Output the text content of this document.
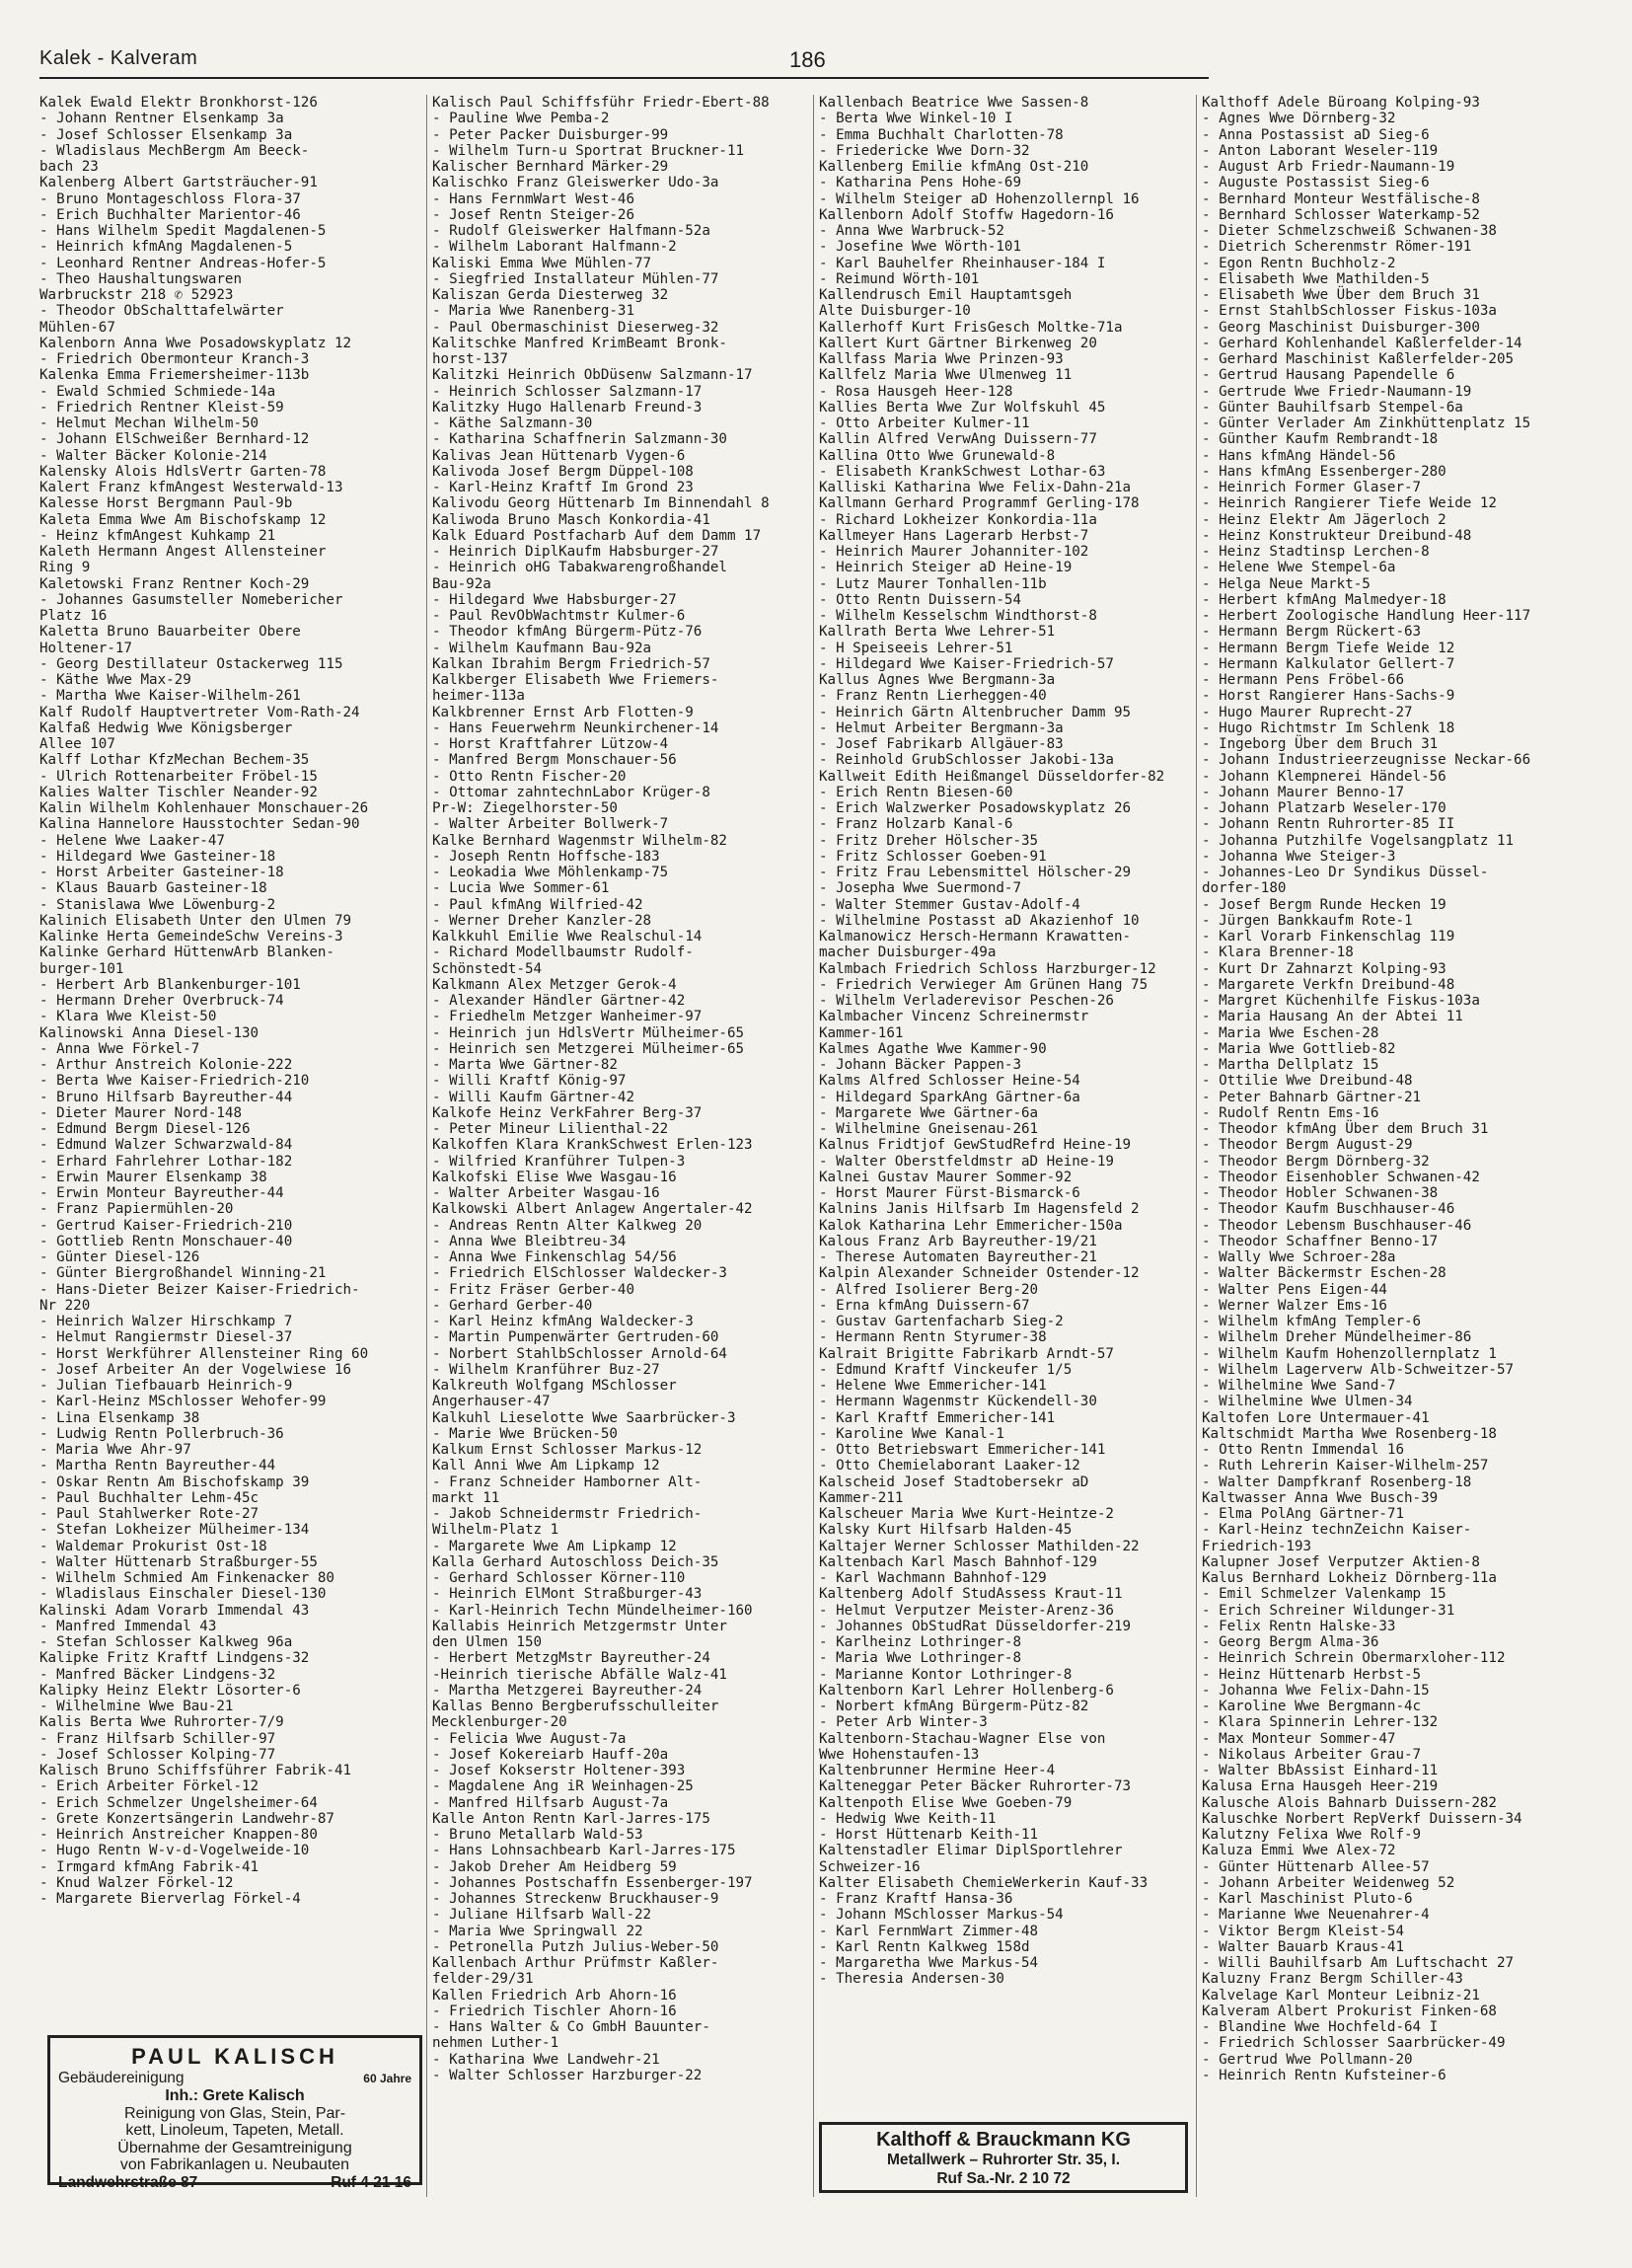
Kalek - Kalveram	186
Kalek Ewald Elektr Bronkhorst-126
- Johann Rentner Elsenkamp 3a
- Josef Schlosser Elsenkamp 3a
- Wladislaus MechBergm Am Beeck-
bach 23
Kalenberg Albert Gartsträucher-91
- Bruno Montageschloss Flora-37
- Erich Buchhalter Marientor-46
- Hans Wilhelm Spedit Magdalenen-5
- Heinrich kfmAng Magdalenen-5
- Leonhard Rentner Andreas-Hofer-5
- Theo Haushaltungswaren
Warbruckstr 218 ✆ 52923
- Theodor ObSchalttafelwärter
Mühlen-67
Kalenborn Anna Wwe Posadowskyplatz 12
- Friedrich Obermonteur Kranch-3
Kalenka Emma Friemersheimer-113b
- Ewald Schmied Schmiede-14a
- Friedrich Rentner Kleist-59
- Helmut Mechan Wilhelm-50
- Johann ElSchweißer Bernhard-12
- Walter Bäcker Kolonie-214
Kalensky Alois HdlsVertr Garten-78
Kalert Franz kfmAngest Westerwald-13
Kalesse Horst Bergmann Paul-9b
Kaleta Emma Wwe Am Bischofskamp 12
- Heinz kfmAngest Kuhkamp 21
Kaleth Hermann Angest Allensteiner
Ring 9
Kaletowski Franz Rentner Koch-29
- Johannes Gasumsteller Nomebericher
Platz 16
Kaletta Bruno Bauarbeiter Obere
Holtener-17
- Georg Destillateur Ostackerweg 115
- Käthe Wwe Max-29
- Martha Wwe Kaiser-Wilhelm-261
Kalf Rudolf Hauptvertreter Vom-Rath-24
Kalfaß Hedwig Wwe Königsberger
Allee 107
Kalff Lothar KfzMechan Bechem-35
- Ulrich Rottenarbeiter Fröbel-15
Kalies Walter Tischler Neander-92
Kalin Wilhelm Kohlenhauer Monschauer-26
Kalina Hannelore Hausstochter Sedan-90
- Helene Wwe Laaker-47
- Hildegard Wwe Gasteiner-18
- Horst Arbeiter Gasteiner-18
- Klaus Bauarb Gasteiner-18
- Stanislawa Wwe Löwenburg-2
Kalinich Elisabeth Unter den Ulmen 79
Kalinke Herta GemeindeSchw Vereins-3
Kalinke Gerhard HüttenwArb Blanken-
burger-101
- Herbert Arb Blankenburger-101
- Hermann Dreher Overbruck-74
- Klara Wwe Kleist-50
Kalinowski Anna Diesel-130
- Anna Wwe Förkel-7
- Arthur Anstreich Kolonie-222
- Berta Wwe Kaiser-Friedrich-210
- Bruno Hilfsarb Bayreuther-44
- Dieter Maurer Nord-148
- Edmund Bergm Diesel-126
- Edmund Walzer Schwarzwald-84
- Erhard Fahrlehrer Lothar-182
- Erwin Maurer Elsenkamp 38
- Erwin Monteur Bayreuther-44
- Franz Papiermühlen-20
- Gertrud Kaiser-Friedrich-210
- Gottlieb Rentn Monschauer-40
- Günter Diesel-126
- Günter Biergroßhandel Winning-21
- Hans-Dieter Beizer Kaiser-Friedrich-
Nr 220
- Heinrich Walzer Hirschkamp 7
- Helmut Rangiermstr Diesel-37
- Horst Werkführer Allensteiner Ring 60
- Josef Arbeiter An der Vogelwiese 16
- Julian Tiefbauarb Heinrich-9
- Karl-Heinz MSchlosser Wehofer-99
- Lina Elsenkamp 38
- Ludwig Rentn Pollerbruch-36
- Maria Wwe Ahr-97
- Martha Rentn Bayreuther-44
- Oskar Rentn Am Bischofskamp 39
- Paul Buchhalter Lehm-45c
- Paul Stahlwerker Rote-27
- Stefan Lokheizer Mülheimer-134
- Waldemar Prokurist Ost-18
- Walter Hüttenarb Straßburger-55
- Wilhelm Schmied Am Finkenacker 80
- Wladislaus Einschaler Diesel-130
Kalinski Adam Vorarb Immendal 43
- Manfred Immendal 43
- Stefan Schlosser Kalkweg 96a
Kalipke Fritz Kraftf Lindgens-32
- Manfred Bäcker Lindgens-32
Kalipky Heinz Elektr Lösorter-6
- Wilhelmine Wwe Bau-21
Kalis Berta Wwe Ruhrorter-7/9
- Franz Hilfsarb Schiller-97
- Josef Schlosser Kolping-77
Kalisch Bruno Schiffsführer Fabrik-41
- Erich Arbeiter Förkel-12
- Erich Schmelzer Ungelsheimer-64
- Grete Konzertsängerin Landwehr-87
- Heinrich Anstreicher Knappen-80
- Hugo Rentn W-v-d-Vogelweide-10
- Irmgard kfmAng Fabrik-41
- Knud Walzer Förkel-12
- Margarete Bierverlag Förkel-4
Kalisch Paul Schiffsführ Friedr-Ebert-88
- Pauline Wwe Pemba-2
- Peter Packer Duisburger-99
- Wilhelm Turn-u Sportrat Bruckner-11
Kalischer Bernhard Märker-29
Kalischko Franz Gleiswerker Udo-3a
- Hans FernmWart West-46
- Josef Rentn Steiger-26
- Rudolf Gleiswerker Halfmann-52a
- Wilhelm Laborant Halfmann-2
Kaliski Emma Wwe Mühlen-77
- Siegfried Installateur Mühlen-77
Kaliszan Gerda Diesterweg 32
- Maria Wwe Ranenberg-31
- Paul Obermaschinist Dieserweg-32
Kalitschke Manfred KrimBeamt Bronk-
horst-137
Kalitzki Heinrich ObDüsenw Salzmann-17
- Heinrich Schlosser Salzmann-17
Kalitzky Hugo Hallenarb Freund-3
- Käthe Salzmann-30
- Katharina Schaffnerin Salzmann-30
Kalivas Jean Hüttenarb Vygen-6
Kalivoda Josef Bergm Düppel-108
- Karl-Heinz Kraftf Im Grond 23
Kalivodu Georg Hüttenarb Im Binnendahl 8
Kaliwoda Bruno Masch Konkordia-41
Kalk Eduard Postfacharb Auf dem Damm 17
- Heinrich DiplKaufm Habsburger-27
- Heinrich oHG Tabakwarengroßhandel
Bau-92a
- Hildegard Wwe Habsburger-27
- Paul RevObWachtmstr Kulmer-6
- Theodor kfmAng Bürgerm-Pütz-76
- Wilhelm Kaufmann Bau-92a
Kalkan Ibrahim Bergm Friedrich-57
Kalkberger Elisabeth Wwe Friemers-
heimer-113a
Kalkbrenner Ernst Arb Flotten-9
- Hans Feuerwehrm Neunkirchener-14
- Horst Kraftfahrer Lützow-4
- Manfred Bergm Monschauer-56
- Otto Rentn Fischer-20
- Ottomar zahntechnLabor Krüger-8
Pr-W: Ziegelhorster-50
- Walter Arbeiter Bollwerk-7
Kalke Bernhard Wagenmstr Wilhelm-82
- Joseph Rentn Hoffsche-183
- Leokadia Wwe Möhlenkamp-75
- Lucia Wwe Sommer-61
- Paul kfmAng Wilfried-42
- Werner Dreher Kanzler-28
Kalkkuhl Emilie Wwe Realschul-14
- Richard Modellbaumstr Rudolf-
Schönstedt-54
Kalkmann Alex Metzger Gerok-4
- Alexander Händler Gärtner-42
- Friedhelm Metzger Wanheimer-97
- Heinrich jun HdlsVertr Mülheimer-65
- Heinrich sen Metzgerei Mülheimer-65
- Marta Wwe Gärtner-82
- Willi Kraftf König-97
- Willi Kaufm Gärtner-42
Kalkofe Heinz VerkFahrer Berg-37
- Peter Mineur Lilienthal-22
Kalkoffen Klara KrankSchwest Erlen-123
- Wilfried Kranführer Tulpen-3
Kalkofski Elise Wwe Wasgau-16
- Walter Arbeiter Wasgau-16
Kalkowski Albert Anlagew Angertaler-42
- Andreas Rentn Alter Kalkweg 20
- Anna Wwe Bleibtreu-34
- Anna Wwe Finkenschlag 54/56
- Friedrich ElSchlosser Waldecker-3
- Fritz Fräser Gerber-40
- Gerhard Gerber-40
- Karl Heinz kfmAng Waldecker-3
- Martin Pumpenwärter Gertruden-60
- Norbert StahlbSchlosser Arnold-64
- Wilhelm Kranführer Buz-27
Kalkreuth Wolfgang MSchlosser
Angerhauser-47
Kalkuhl Lieselotte Wwe Saarbrücker-3
- Marie Wwe Brücken-50
Kalkum Ernst Schlosser Markus-12
Kall Anni Wwe Am Lipkamp 12
- Franz Schneider Hamborner Alt-
markt 11
- Jakob Schneidermstr Friedrich-
Wilhelm-Platz 1
- Margarete Wwe Am Lipkamp 12
Kalla Gerhard Autoschloss Deich-35
- Gerhard Schlosser Körner-110
- Heinrich ElMont Straßburger-43
- Karl-Heinrich Techn Mündelheimer-160
Kallabis Heinrich Metzgermstr Unter
den Ulmen 150
- Herbert MetzgMstr Bayreuther-24
-Heinrich tierische Abfälle Walz-41
- Martha Metzgerei Bayreuther-24
Kallas Benno Bergberufsschulleiter
Mecklenburger-20
- Felicia Wwe August-7a
- Josef Kokereiarb Hauff-20a
- Josef Kokserstr Holtener-393
- Magdalene Ang iR Weinhagen-25
- Manfred Hilfsarb August-7a
Kalle Anton Rentn Karl-Jarres-175
- Bruno Metallarb Wald-53
- Hans Lohnsachbearb Karl-Jarres-175
- Jakob Dreher Am Heidberg 59
- Johannes Postschaffn Essenberger-197
- Johannes Streckenw Bruckhauser-9
- Juliane Hilfsarb Wall-22
- Maria Wwe Springwall 22
- Petronella Putzh Julius-Weber-50
Kallenbach Arthur Prüfmstr Kaßler-
felder-29/31
Kallen Friedrich Arb Ahorn-16
- Friedrich Tischler Ahorn-16
- Hans Walter & Co GmbH Bauunter-
nehmen Luther-1
- Katharina Wwe Landwehr-21
- Walter Schlosser Harzburger-22
Kallenbach Beatrice Wwe Sassen-8
- Berta Wwe Winkel-10 I
- Emma Buchhalt Charlotten-78
- Friedericke Wwe Dorn-32
Kallenberg Emilie kfmAng Ost-210
- Katharina Pens Hohe-69
- Wilhelm Steiger aD Hohenzollernpl 16
Kallenborn Adolf Stoffw Hagedorn-16
- Anna Wwe Warbruck-52
- Josefine Wwe Wörth-101
- Karl Bauhelfer Rheinhauser-184 I
- Reimund Wörth-101
Kallendrusch Emil Hauptamtsgeh
Alte Duisburger-10
Kallerhoff Kurt FrisGesch Moltke-71a
Kallert Kurt Gärtner Birkenweg 20
Kallfass Maria Wwe Prinzen-93
Kallfelz Maria Wwe Ulmenweg 11
- Rosa Hausgeh Heer-128
Kallies Berta Wwe Zur Wolfskuhl 45
- Otto Arbeiter Kulmer-11
Kallin Alfred VerwAng Duissern-77
Kallina Otto Wwe Grunewald-8
- Elisabeth KrankSchwest Lothar-63
Kalliski Katharina Wwe Felix-Dahn-21a
Kallmann Gerhard Programmf Gerling-178
- Richard Lokheizer Konkordia-11a
Kallmeyer Hans Lagerarb Herbst-7
- Heinrich Maurer Johanniter-102
- Heinrich Steiger aD Heine-19
- Lutz Maurer Tonhallen-11b
- Otto Rentn Duissern-54
- Wilhelm Kesselschm Windthorst-8
Kallrath Berta Wwe Lehrer-51
- H Speiseeis Lehrer-51
- Hildegard Wwe Kaiser-Friedrich-57
Kallus Agnes Wwe Bergmann-3a
- Franz Rentn Lierheggen-40
- Heinrich Gärtn Altenbrucher Damm 95
- Helmut Arbeiter Bergmann-3a
- Josef Fabrikarb Allgäuer-83
- Reinhold GrubSchlosser Jakobi-13a
Kallweit Edith Heißmangel Düsseldorfer-82
- Erich Rentn Biesen-60
- Erich Walzwerker Posadowskyplatz 26
- Franz Holzarb Kanal-6
- Fritz Dreher Hölscher-35
- Fritz Schlosser Goeben-91
- Fritz Frau Lebensmittel Hölscher-29
- Josepha Wwe Suermond-7
- Walter Stemmer Gustav-Adolf-4
- Wilhelmine Postasst aD Akazienhof 10
Kalmanowicz Hersch-Hermann Krawatten-
macher Duisburger-49a
Kalmbach Friedrich Schloss Harzburger-12
- Friedrich Verwieger Am Grünen Hang 75
- Wilhelm Verladerevisor Peschen-26
Kalmbacher Vincenz Schreinermstr
Kammer-161
Kalmes Agathe Wwe Kammer-90
- Johann Bäcker Pappen-3
Kalms Alfred Schlosser Heine-54
- Hildegard SparkAng Gärtner-6a
- Margarete Wwe Gärtner-6a
- Wilhelmine Gneisenau-261
Kalnus Fridtjof GewStudRefrd Heine-19
- Walter Oberstfeldmstr aD Heine-19
Kalnei Gustav Maurer Sommer-92
- Horst Maurer Fürst-Bismarck-6
Kalnins Janis Hilfsarb Im Hagensfeld 2
Kalok Katharina Lehr Emmericher-150a
Kalous Franz Arb Bayreuther-19/21
- Therese Automaten Bayreuther-21
Kalpin Alexander Schneider Ostender-12
- Alfred Isolierer Berg-20
- Erna kfmAng Duissern-67
- Gustav Gartenfacharb Sieg-2
- Hermann Rentn Styrumer-38
Kalrait Brigitte Fabrikarb Arndt-57
- Edmund Kraftf Vinckeufer 1/5
- Helene Wwe Emmericher-141
- Hermann Wagenmstr Kückendell-30
- Karl Kraftf Emmericher-141
- Karoline Wwe Kanal-1
- Otto Betriebswart Emmericher-141
- Otto Chemielaborant Laaker-12
Kalscheid Josef Stadtobersekr aD
Kammer-211
Kalscheuer Maria Wwe Kurt-Heintze-2
Kalsky Kurt Hilfsarb Halden-45
Kaltajer Werner Schlosser Mathilden-22
Kaltenbach Karl Masch Bahnhof-129
- Karl Wachmann Bahnhof-129
Kaltenberg Adolf StudAssess Kraut-11
- Helmut Verputzer Meister-Arenz-36
- Johannes ObStudRat Düsseldorfer-219
- Karlheinz Lothringer-8
- Maria Wwe Lothringer-8
- Marianne Kontor Lothringer-8
Kaltenborn Karl Lehrer Hollenberg-6
- Norbert kfmAng Bürgerm-Pütz-82
- Peter Arb Winter-3
Kaltenborn-Stachau-Wagner Else von
Wwe Hohenstaufen-13
Kaltenbrunner Hermine Heer-4
Kalteneggar Peter Bäcker Ruhrorter-73
Kaltenpoth Elise Wwe Goeben-79
- Hedwig Wwe Keith-11
- Horst Hüttenarb Keith-11
Kaltenstadler Elimar DiplSportlehrer
Schweizer-16
Kalter Elisabeth ChemieWerkerin Kauf-33
- Franz Kraftf Hansa-36
- Johann MSchlosser Markus-54
- Karl FernmWart Zimmer-48
- Karl Rentn Kalkweg 158d
- Margaretha Wwe Markus-54
- Theresia Andersen-30
Kalthoff Adele Büroang Kolping-93
- Agnes Wwe Dörnberg-32
- Anna Postassist aD Sieg-6
- Anton Laborant Weseler-119
- August Arb Friedr-Naumann-19
- Auguste Postassist Sieg-6
- Bernhard Monteur Westfälische-8
- Bernhard Schlosser Waterkamp-52
- Dieter Schmelzschweiß Schwanen-38
- Dietrich Scherenmstr Römer-191
- Egon Rentn Buchholz-2
- Elisabeth Wwe Mathilden-5
- Elisabeth Wwe Über dem Bruch 31
- Ernst StahlbSchlosser Fiskus-103a
- Georg Maschinist Duisburger-300
- Gerhard Kohlenhandel Kaßlerfelder-14
- Gerhard Maschinist Kaßlerfelder-205
- Gertrud Hausang Papendelle 6
- Gertrude Wwe Friedr-Naumann-19
- Günter Bauhilfsarb Stempel-6a
- Günter Verlader Am Zinkhüttenplatz 15
- Günther Kaufm Rembrandt-18
- Hans kfmAng Händel-56
- Hans kfmAng Essenberger-280
- Heinrich Former Glaser-7
- Heinrich Rangierer Tiefe Weide 12
- Heinz Elektr Am Jägerloch 2
- Heinz Konstrukteur Dreibund-48
- Heinz Stadtinsp Lerchen-8
- Helene Wwe Stempel-6a
- Helga Neue Markt-5
- Herbert kfmAng Malmedyer-18
- Herbert Zoologische Handlung Heer-117
- Hermann Bergm Rückert-63
- Hermann Bergm Tiefe Weide 12
- Hermann Kalkulator Gellert-7
- Hermann Pens Fröbel-66
- Horst Rangierer Hans-Sachs-9
- Hugo Maurer Ruprecht-27
- Hugo Richtmstr Im Schlenk 18
- Ingeborg Über dem Bruch 31
- Johann Industrieerzeugnisse Neckar-66
- Johann Klempnerei Händel-56
- Johann Maurer Benno-17
- Johann Platzarb Weseler-170
- Johann Rentn Ruhrorter-85 II
- Johanna Putzhilfe Vogelsangplatz 11
- Johanna Wwe Steiger-3
- Johannes-Leo Dr Syndikus Düssel-
dorfer-180
- Josef Bergm Runde Hecken 19
- Jürgen Bankkaufm Rote-1
- Karl Vorarb Finkenschlag 119
- Klara Brenner-18
- Kurt Dr Zahnarzt Kolping-93
- Margarete Verkfn Dreibund-48
- Margret Küchenhilfe Fiskus-103a
- Maria Hausang An der Abtei 11
- Maria Wwe Eschen-28
- Maria Wwe Gottlieb-82
- Martha Dellplatz 15
- Ottilie Wwe Dreibund-48
- Peter Bahnarb Gärtner-21
- Rudolf Rentn Ems-16
- Theodor kfmAng Über dem Bruch 31
- Theodor Bergm August-29
- Theodor Bergm Dörnberg-32
- Theodor Eisenhobler Schwanen-42
- Theodor Hobler Schwanen-38
- Theodor Kaufm Buschhauser-46
- Theodor Lebensm Buschhauser-46
- Theodor Schaffner Benno-17
- Wally Wwe Schroer-28a
- Walter Bäckermstr Eschen-28
- Walter Pens Eigen-44
- Werner Walzer Ems-16
- Wilhelm kfmAng Templer-6
- Wilhelm Dreher Mündelheimer-86
- Wilhelm Kaufm Hohenzollernplatz 1
- Wilhelm Lagerverw Alb-Schweitzer-57
- Wilhelmine Wwe Sand-7
- Wilhelmine Wwe Ulmen-34
Kaltofen Lore Untermauer-41
Kaltschmidt Martha Wwe Rosenberg-18
- Otto Rentn Immendal 16
- Ruth Lehrerin Kaiser-Wilhelm-257
- Walter Dampfkranf Rosenberg-18
Kaltwasser Anna Wwe Busch-39
- Elma PolAng Gärtner-71
- Karl-Heinz technZeichn Kaiser-
Friedrich-193
Kalupner Josef Verputzer Aktien-8
Kalus Bernhard Lokheiz Dörnberg-11a
- Emil Schmelzer Valenkamp 15
- Erich Schreiner Wildunger-31
- Felix Rentn Halske-33
- Georg Bergm Alma-36
- Heinrich Schrein Obermarxloher-112
- Heinz Hüttenarb Herbst-5
- Johanna Wwe Felix-Dahn-15
- Karoline Wwe Bergmann-4c
- Klara Spinnerin Lehrer-132
- Max Monteur Sommer-47
- Nikolaus Arbeiter Grau-7
- Walter BbAssist Einhard-11
Kalusa Erna Hausgeh Heer-219
Kalusche Alois Bahnarb Duissern-282
Kaluschke Norbert RepVerkf Duissern-34
Kalutzny Felixa Wwe Rolf-9
Kaluza Emmi Wwe Alex-72
- Günter Hüttenarb Allee-57
- Johann Arbeiter Weidenweg 52
- Karl Maschinist Pluto-6
- Marianne Wwe Neuenahrer-4
- Viktor Bergm Kleist-54
- Walter Bauarb Kraus-41
- Willi Bauhilfsarb Am Luftschacht 27
Kaluzny Franz Bergm Schiller-43
Kalvelage Karl Monteur Leibniz-21
Kalveram Albert Prokurist Finken-68
- Blandine Wwe Hochfeld-64 I
- Friedrich Schlosser Saarbrücker-49
- Gertrud Wwe Pollmann-20
- Heinrich Rentn Kufsteiner-6
PAUL KALISCH
Gebäudereinigung	60 Jahre
Inh.: Grete Kalisch
Reinigung von Glas, Stein, Par-
kett, Linoleum, Tapeten, Metall.
Übernahme der Gesamtreinigung
von Fabrikanlagen u. Neubauten
Landwehrstraße 87	Ruf 4 21 16
Kalthoff & Brauckmann KG
Metallwerk – Ruhrorter Str. 35, I.
Ruf Sa.-Nr. 2 10 72
